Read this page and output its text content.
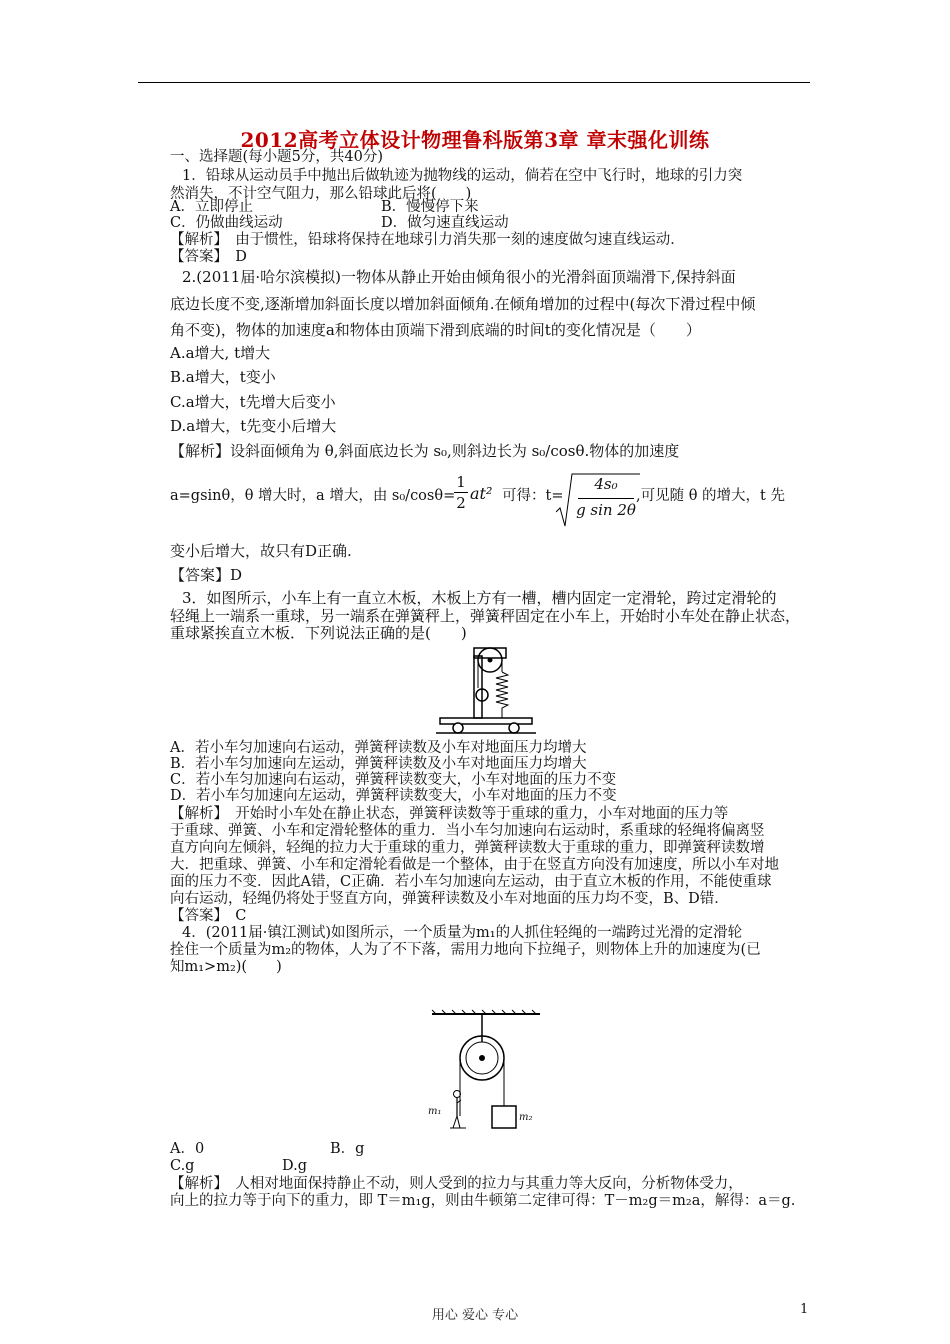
2012高考立体设计物理鲁科版第3章 章末强化训练
一、选择题(每小题5分，共40分)
1．铅球从运动员手中抛出后做轨迹为抛物线的运动，倘若在空中飞行时，地球的引力突
然消失，不计空气阻力，那么铅球此后将(　　)
A．立即停止	B．慢慢停下来
C．仍做曲线运动	D．做匀速直线运动
【解析】　由于惯性，铅球将保持在地球引力消失那一刻的速度做匀速直线运动．
【答案】　D
2.(2011届·哈尔滨模拟)一物体从静止开始由倾角很小的光滑斜面顶端滑下,保持斜面
底边长度不变,逐渐增加斜面长度以增加斜面倾角.在倾角增加的过程中(每次下滑过程中倾
角不变)，物体的加速度a和物体由顶端下滑到底端的时间t的变化情况是（　　）
A.a增大, t增大
B.a增大，t变小
C.a增大，t先增大后变小
D.a增大，t先变小后增大
【解析】设斜面倾角为 θ,斜面底边长为 s₀,则斜边长为 s₀/cosθ.物体的加速度
a=gsinθ，θ 增大时，a 增大，由 s₀/cosθ=
1
2 at² 可得：t=
4s₀
g sin 2θ
,可见随 θ 的增大，t 先
变小后增大，故只有D正确.
【答案】D
3．如图所示，小车上有一直立木板，木板上方有一槽，槽内固定一定滑轮，跨过定滑轮的
轻绳上一端系一重球，另一端系在弹簧秤上，弹簧秤固定在小车上，开始时小车处在静止状态，
重球紧挨直立木板．下列说法正确的是(　　)
A．若小车匀加速向右运动，弹簧秤读数及小车对地面压力均增大
B．若小车匀加速向左运动，弹簧秤读数及小车对地面压力均增大
C．若小车匀加速向右运动，弹簧秤读数变大，小车对地面的压力不变
D．若小车匀加速向左运动，弹簧秤读数变大，小车对地面的压力不变
【解析】　开始时小车处在静止状态，弹簧秤读数等于重球的重力，小车对地面的压力等
于重球、弹簧、小车和定滑轮整体的重力．当小车匀加速向右运动时，系重球的轻绳将偏离竖
直方向向左倾斜，轻绳的拉力大于重球的重力，弹簧秤读数大于重球的重力，即弹簧秤读数增
大．把重球、弹簧、小车和定滑轮看做是一个整体，由于在竖直方向没有加速度，所以小车对地
面的压力不变．因此A错，C正确．若小车匀加速向左运动，由于直立木板的作用，不能使重球
向右运动，轻绳仍将处于竖直方向，弹簧秤读数及小车对地面的压力均不变，B、D错．
【答案】　C
4．(2011届·镇江测试)如图所示，一个质量为m₁的人抓住轻绳的一端跨过光滑的定滑轮
拴住一个质量为m₂的物体，人为了不下落，需用力地向下拉绳子，则物体上升的加速度为(已
知m₁>m₂)(　　)
m₁
m₂
A．0	B．g
C.g	D.g
【解析】　人相对地面保持静止不动，则人受到的拉力与其重力等大反向，分析物体受力，
向上的拉力等于向下的重力，即 T＝m₁g，则由牛顿第二定律可得：T－m₂g＝m₂a，解得：a＝g.
用心 爱心 专心	1
